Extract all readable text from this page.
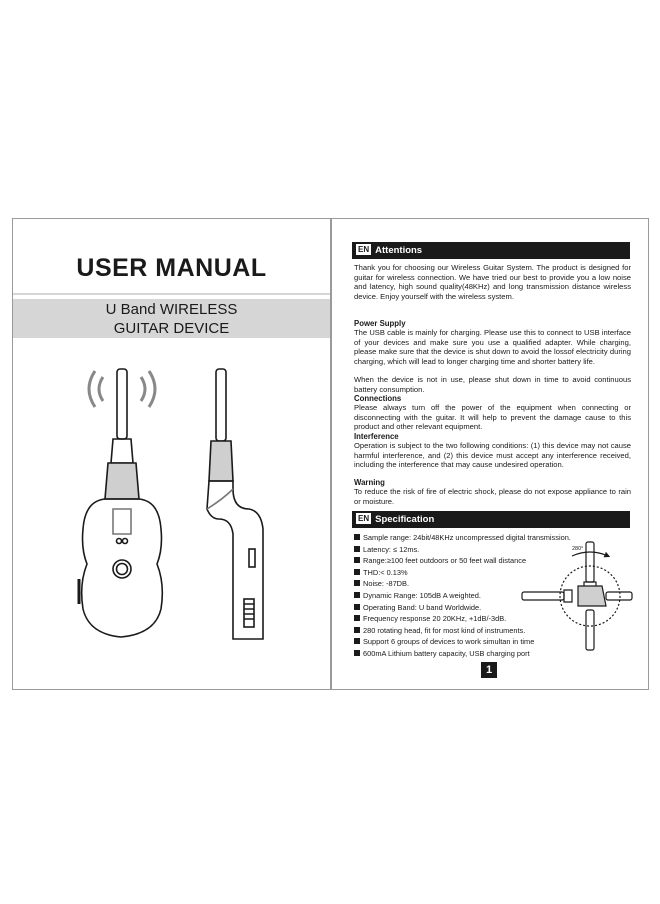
USER MANUAL
U Band WIRELESS
GUITAR DEVICE
EN Attentions

Thank you for choosing our Wireless Guitar System. The product is designed for guitar for wireless connection. We have tried our best to provide you a low noise and latency, high sound quality(48KHz) and long transmission distance wireless device. Enjoy yourself with the wireless system.

Power Supply

The USB cable is mainly for charging. Please use this to connect to USB interface of your devices and make sure you use a qualified adapter. While charging, please make sure that the device is shut down to avoid the lossof electricity during charging, which will lead to longer charging time and shorter battery life.

When the device is not in use, please shut down in time to avoid continuous battery consumption.

Connections

Please always turn off the power of the equipment when connecting or disconnecting with the guitar. It will help to prevent the damage cause to this product and other relevant equipment.

Interference

Operation is subject to the two following conditions: (1) this device may not cause harmful interference, and (2) this device must accept any interference received, including the interference that may cause undesired operation.

Warning

To reduce the risk of fire of electric shock, please do not expose appliance to rain or moisture.

EN Specification
Sample range: 24bit/48KHz uncompressed digital transmission.
Latency: ≤ 12ms.
Range:≥100 feet outdoors or 50 feet wall distance
THD:< 0.13%
Noise: -87DB.
Dynamic Range: 105dB A weighted.
Operating Band: U band Worldwide.
Frequency response 20 20KHz, +1dB/-3dB.
280 rotating head, fit for most kind of instruments.
Support 6 groups of devices to work simultan in time
600mA Lithium battery capacity, USB charging port
280°
1
